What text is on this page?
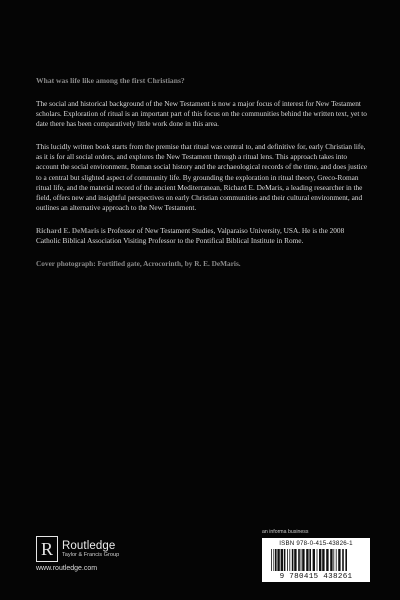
What was life like among the first Christians?

The social and historical background of the New Testament is now a major focus of interest for New Testament scholars. Exploration of ritual is an important part of this focus on the communities behind the written text, yet to date there has been comparatively little work done in this area.

This lucidly written book starts from the premise that ritual was central to, and definitive for, early Christian life, as it is for all social orders, and explores the New Testament through a ritual lens. This approach takes into account the social environment, Roman social history and the archaeological records of the time, and does justice to a central but slighted aspect of community life. By grounding the exploration in ritual theory, Greco-Roman ritual life, and the material record of the ancient Mediterranean, Richard E. DeMaris, a leading researcher in the field, offers new and insightful perspectives on early Christian communities and their cultural environment, and outlines an alternative approach to the New Testament.

Richard E. DeMaris is Professor of New Testament Studies, Valparaiso University, USA. He is the 2008 Catholic Biblical Association Visiting Professor to the Pontifical Biblical Institute in Rome.

Cover photograph: Fortified gate, Acrocorinth, by R. E. DeMaris.

R Routledge
Taylor & Francis Group
www.routledge.com
an informa business
ISBN 978-0-415-43826-1
9 780415 438261
